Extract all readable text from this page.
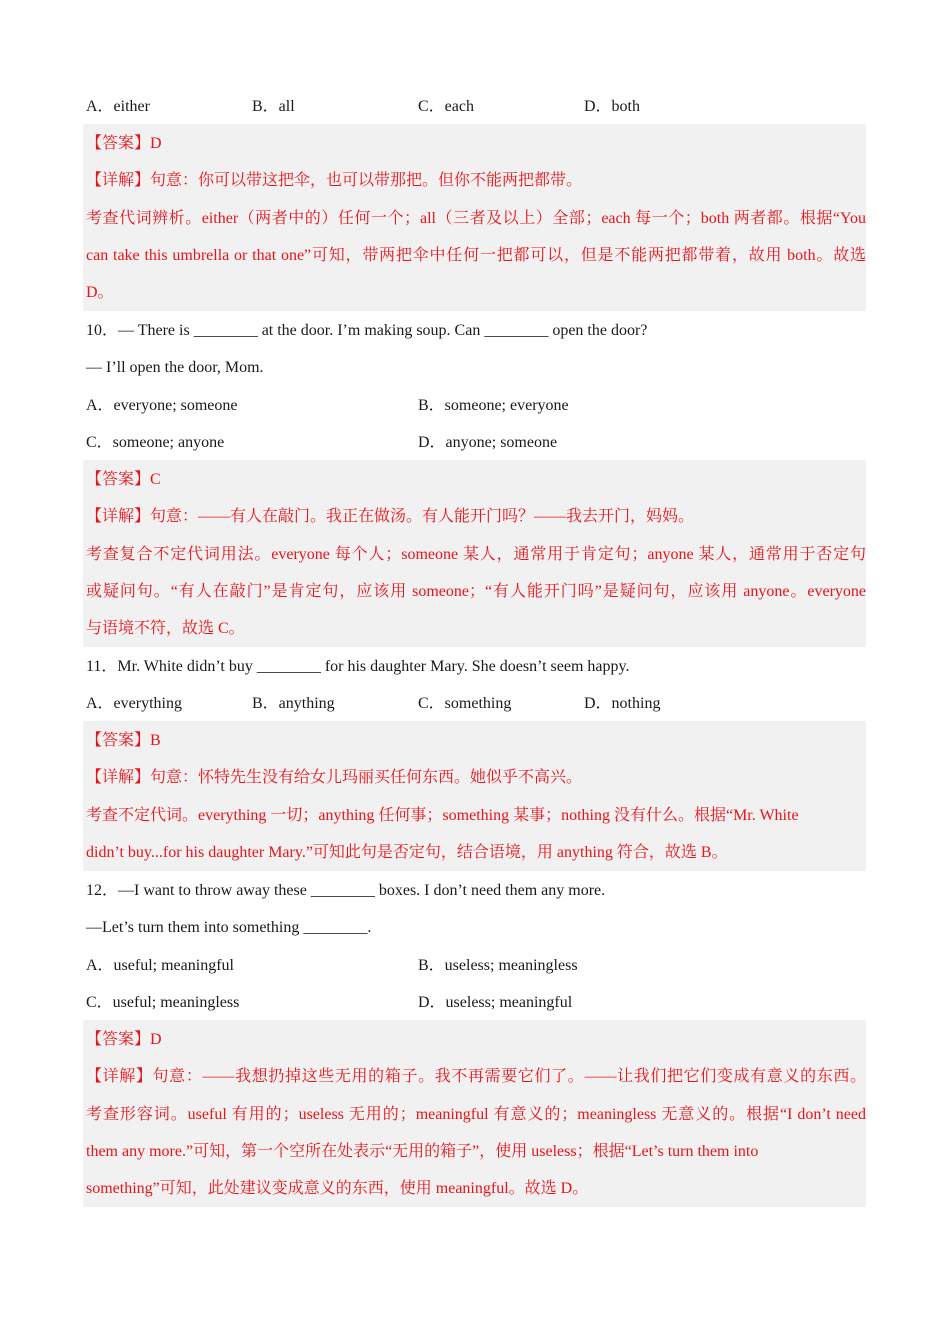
A．either	B．all	C．each	D．both
【答案】D
【详解】句意：你可以带这把伞，也可以带那把。但你不能两把都带。
考查代词辨析。either（两者中的）任何一个；all（三者及以上）全部；each 每一个；both 两者都。根据“You
can take this umbrella or that one”可知，带两把伞中任何一把都可以，但是不能两把都带着，故用 both。故选
D。
10．— There is ________ at the door. I’m making soup. Can ________ open the door?
— I’ll open the door, Mom.
A．everyone; someone	B．someone; everyone
C．someone; anyone	D．anyone; someone
【答案】C
【详解】句意：——有人在敲门。我正在做汤。有人能开门吗？——我去开门，妈妈。
考查复合不定代词用法。everyone 每个人；someone 某人，通常用于肯定句；anyone 某人，通常用于否定句
或疑问句。“有人在敲门”是肯定句，应该用 someone；“有人能开门吗”是疑问句，应该用 anyone。everyone
与语境不符，故选 C。
11．Mr. White didn’t buy ________ for his daughter Mary. She doesn’t seem happy.
A．everything	B．anything	C．something	D．nothing
【答案】B
【详解】句意：怀特先生没有给女儿玛丽买任何东西。她似乎不高兴。
考查不定代词。everything 一切；anything 任何事；something 某事；nothing 没有什么。根据“Mr. White
didn’t buy...for his daughter Mary.”可知此句是否定句，结合语境，用 anything 符合，故选 B。
12．—I want to throw away these ________ boxes. I don’t need them any more.
—Let’s turn them into something ________.
A．useful; meaningful	B．useless; meaningless
C．useful; meaningless	D．useless; meaningful
【答案】D
【详解】句意：——我想扔掉这些无用的箱子。我不再需要它们了。——让我们把它们变成有意义的东西。
考查形容词。useful 有用的；useless 无用的；meaningful 有意义的；meaningless 无意义的。根据“I don’t need
them any more.”可知，第一个空所在处表示“无用的箱子”，使用 useless；根据“Let’s turn them into
something”可知，此处建议变成意义的东西，使用 meaningful。故选 D。
